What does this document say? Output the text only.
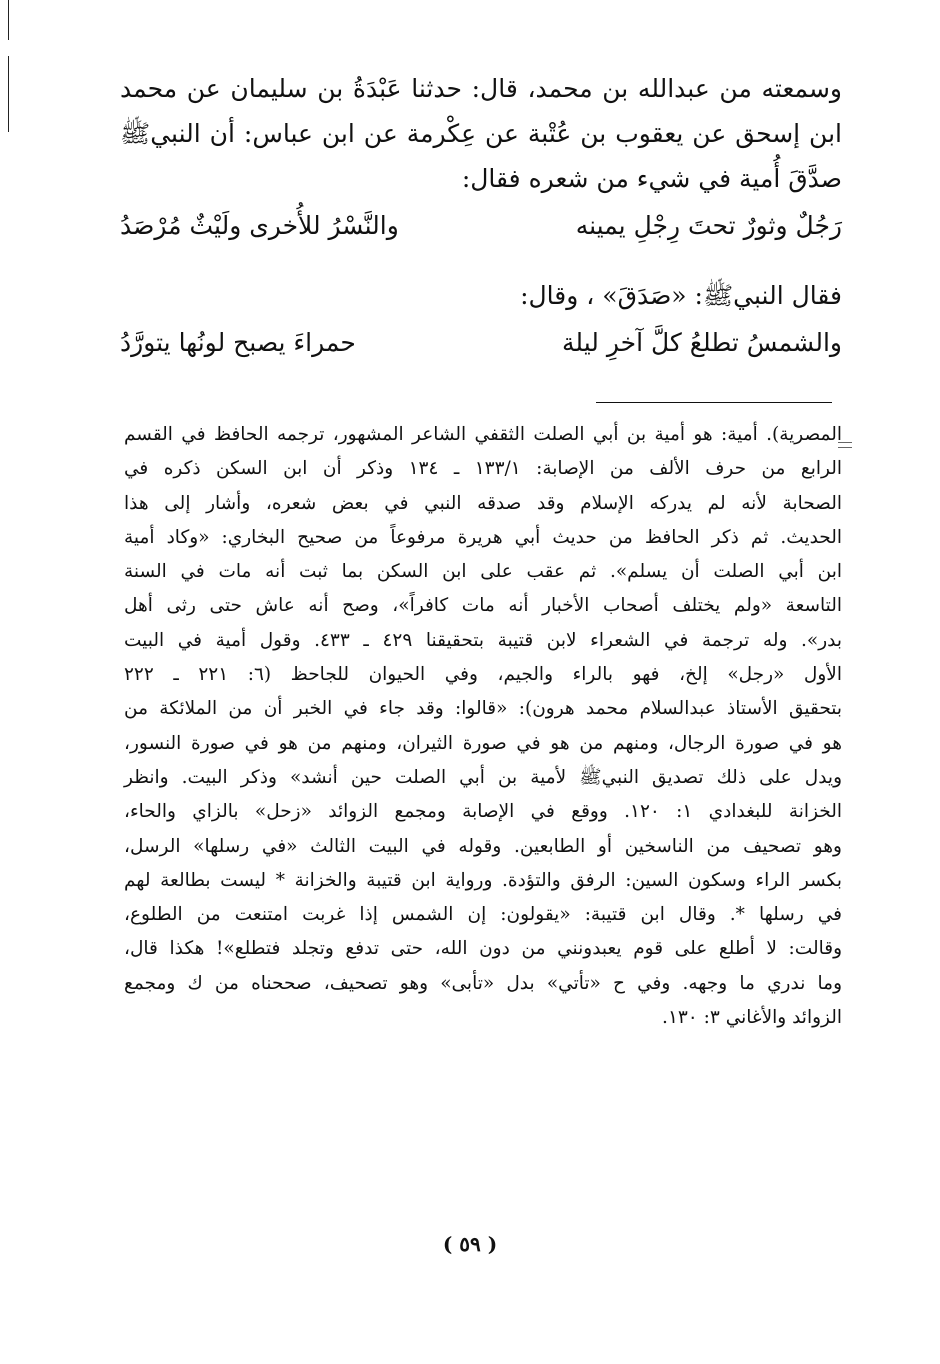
وسمعته من عبدالله بن محمد، قال: حدثنا عَبْدَةُ بن سليمان عن محمد
ابن إسحق عن يعقوب بن عُتْبة عن عِكْرمة عن ابن عباس: أن النبيﷺ
صدَّقَ أُمية في شيء من شعره فقال:
رَجُلٌ وثورٌ تحتَ رِجْلِ يمينه
والنَّسْرُ للأُخرى ولَيْثٌ مُرْصَدُ
فقال النبيﷺ: «صَدَقَ» ، وقال:
والشمسُ تطلعُ كلَّ آخرِ ليلة
حمراءَ يصبح لونُها يتورَّدُ
المصرية). أمية: هو أمية بن أبي الصلت الثقفي الشاعر المشهور، ترجمه الحافظ في القسم
الرابع من حرف الألف من الإصابة: ١٣٣/١ ـ ١٣٤ وذكر أن ابن السكن ذكره في
الصحابة لأنه لم يدركه الإسلام وقد صدقه النبي في بعض شعره، وأشار إلى هذا
الحديث. ثم ذكر الحافظ من حديث أبي هريرة مرفوعاً من صحيح البخاري: «وكاد أمية
ابن أبي الصلت أن يسلم». ثم عقب على ابن السكن بما ثبت أنه مات في السنة
التاسعة «ولم يختلف أصحاب الأخبار أنه مات كافراً»، وصح أنه عاش حتى رثى أهل
بدر». وله ترجمة في الشعراء لابن قتيبة بتحقيقنا ٤٢٩ ـ ٤٣٣. وقول أمية في البيت
الأول «رجل» إلخ، فهو بالراء والجيم، وفي الحيوان للجاحظ (٦: ٢٢١ ـ ٢٢٢
بتحقيق الأستاذ عبدالسلام محمد هرون): «قالوا: وقد جاء في الخبر أن من الملائكة من
هو في صورة الرجال، ومنهم من هو في صورة الثيران، ومنهم من هو في صورة النسور،
ويدل على ذلك تصديق النبيﷺ لأمية بن أبي الصلت حين أنشد» وذكر البيت. وانظر
الخزانة للبغدادي ١: ١٢٠. ووقع في الإصابة ومجمع الزوائد «زحل» بالزاي والحاء،
وهو تصحيف من الناسخين أو الطابعين. وقوله في البيت الثالث «في رسلها» الرسل،
بكسر الراء وسكون السين: الرفق والتؤدة. ورواية ابن قتيبة والخزانة * ليست بطالعة لهم
في رسلها *. وقال ابن قتيبة: «يقولون: إن الشمس إذا غربت امتنعت من الطلوع،
وقالت: لا أطلع على قوم يعبدونني من دون الله، حتى تدفع وتجلد فتطلع»! هكذا قال،
وما ندري ما وجهه. وفي ح «تأتي» بدل «تأبى» وهو تصحيف، صححناه من ك ومجمع
الزوائد والأغاني ٣: ١٣٠.
( ٥٩ )
